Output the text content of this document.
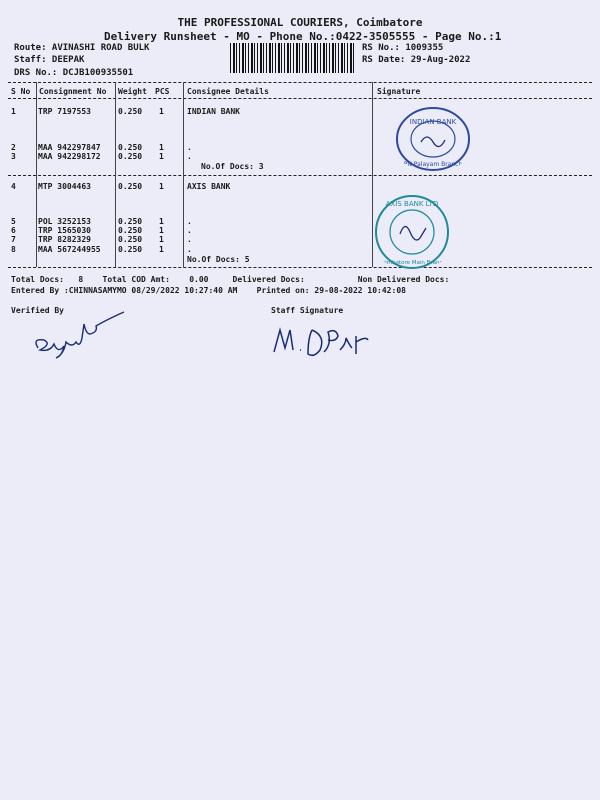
THE PROFESSIONAL COURIERS, Coimbatore
Delivery Runsheet - MO - Phone No.:0422-3505555 - Page No.:1
Route: AVINASHI ROAD BULK
Staff: DEEPAK
DRS No.: DCJB100935501
RS No.: 1009355
RS Date: 29-Aug-2022
S No Consignment No Weight PCS Consignee Details	Signature
1	TRP 7197553	0.250 1	INDIAN BANK
2	MAA 942297847 0.250 1	.
3	MAA 942298172 0.250 1	.
No.Of Docs: 3
4	MTP 3004463	0.250 1	AXIS BANK
5	POL 3252153	0.250 1	.
6	TRP 1565030	0.250 1	.
7	TRP 8282329	0.250 1	.
8	MAA 567244955 0.250 1	.
No.Of Docs: 5
INDIAN BANK
PN Palayam Branch
AXIS BANK LTD
Coimbatore Main Branch
Total Docs:   8    Total COD Amt:    0.00     Delivered Docs:           Non Delivered Docs:
Entered By :CHINNASAMYMO 08/29/2022 10:27:40 AM    Printed on: 29-08-2022 10:42:08
Verified By	Staff Signature
